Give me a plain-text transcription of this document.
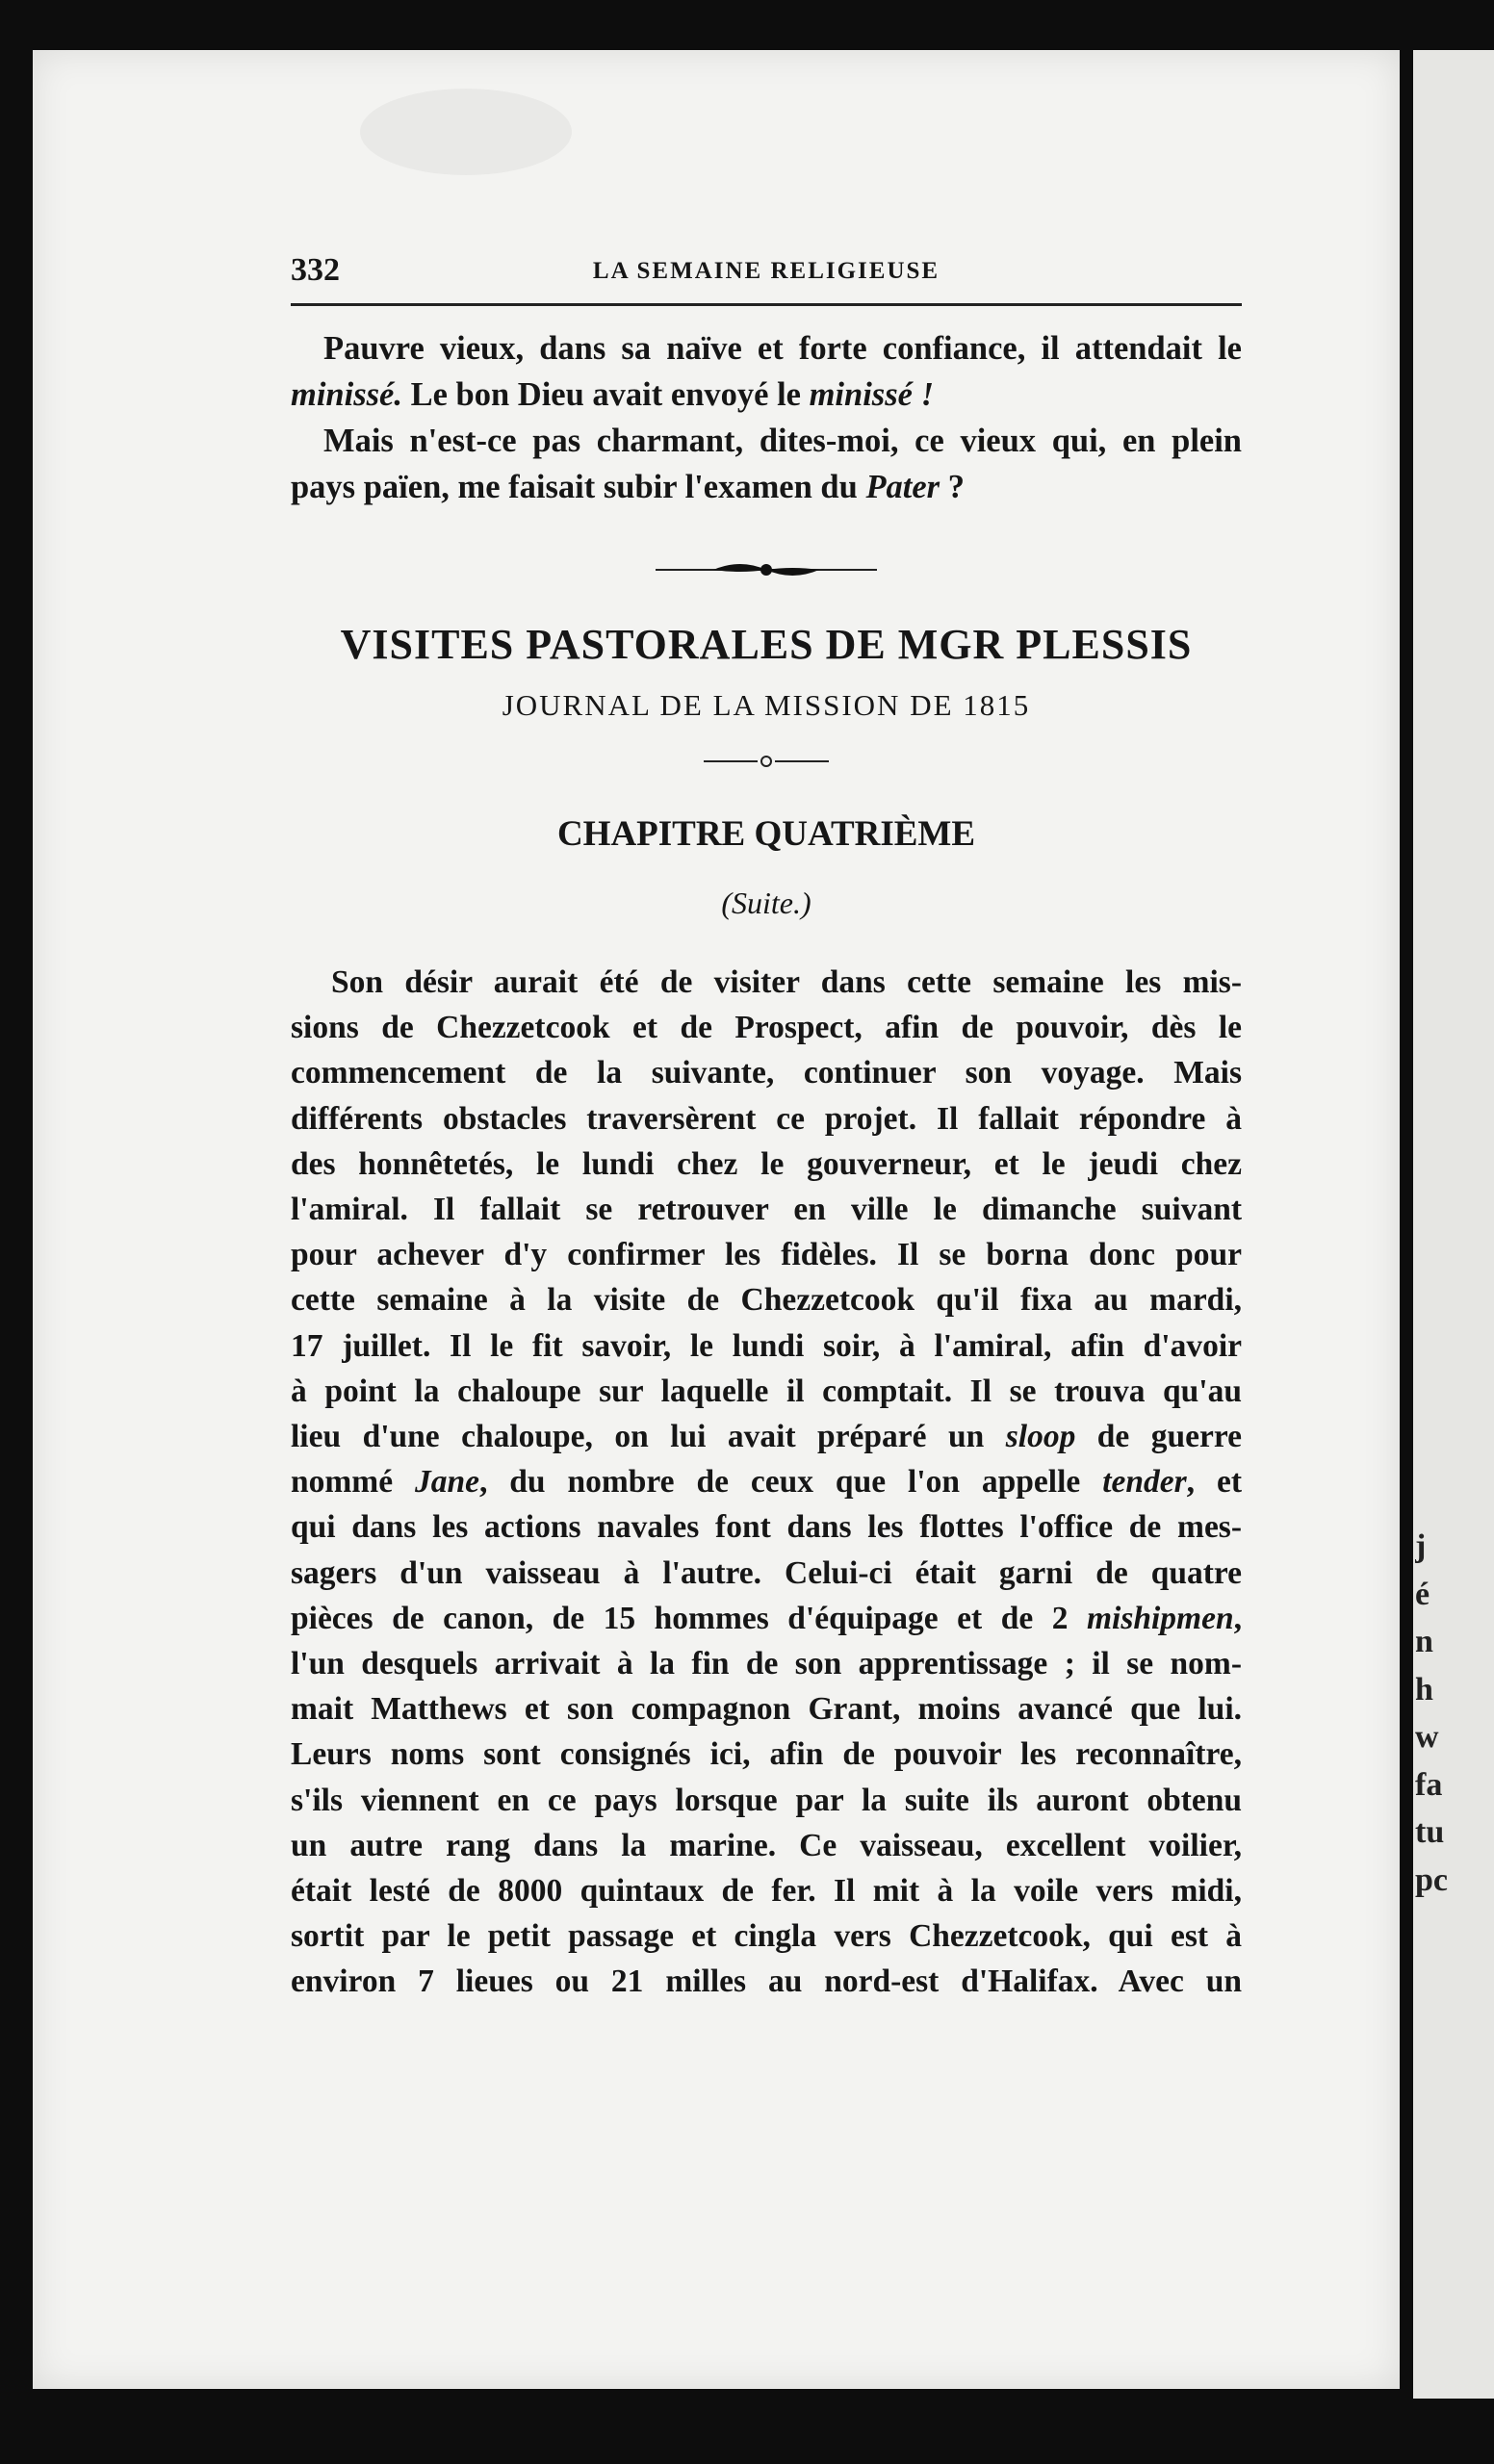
j
é
n
h
w
fa
tu
pc
332	LA SEMAINE RELIGIEUSE
Pauvre vieux, dans sa naïve et forte confiance, il attendait le
minissé. Le bon Dieu avait envoyé le minissé !
Mais n'est-ce pas charmant, dites-moi, ce vieux qui, en plein
pays païen, me faisait subir l'examen du Pater ?
VISITES PASTORALES DE MGR PLESSIS
JOURNAL DE LA MISSION DE 1815
CHAPITRE QUATRIÈME
(Suite.)
Son désir aurait été de visiter dans cette semaine les mis-
sions de Chezzetcook et de Prospect, afin de pouvoir, dès le
commencement de la suivante, continuer son voyage. Mais
différents obstacles traversèrent ce projet. Il fallait répondre à
des honnêtetés, le lundi chez le gouverneur, et le jeudi chez
l'amiral. Il fallait se retrouver en ville le dimanche suivant
pour achever d'y confirmer les fidèles. Il se borna donc pour
cette semaine à la visite de Chezzetcook qu'il fixa au mardi,
17 juillet. Il le fit savoir, le lundi soir, à l'amiral, afin d'avoir
à point la chaloupe sur laquelle il comptait. Il se trouva qu'au
lieu d'une chaloupe, on lui avait préparé un sloop de guerre
nommé Jane, du nombre de ceux que l'on appelle tender, et
qui dans les actions navales font dans les flottes l'office de mes-
sagers d'un vaisseau à l'autre. Celui-ci était garni de quatre
pièces de canon, de 15 hommes d'équipage et de 2 mishipmen,
l'un desquels arrivait à la fin de son apprentissage ; il se nom-
mait Matthews et son compagnon Grant, moins avancé que lui.
Leurs noms sont consignés ici, afin de pouvoir les reconnaître,
s'ils viennent en ce pays lorsque par la suite ils auront obtenu
un autre rang dans la marine. Ce vaisseau, excellent voilier,
était lesté de 8000 quintaux de fer. Il mit à la voile vers midi,
sortit par le petit passage et cingla vers Chezzetcook, qui est à
environ 7 lieues ou 21 milles au nord-est d'Halifax. Avec un
